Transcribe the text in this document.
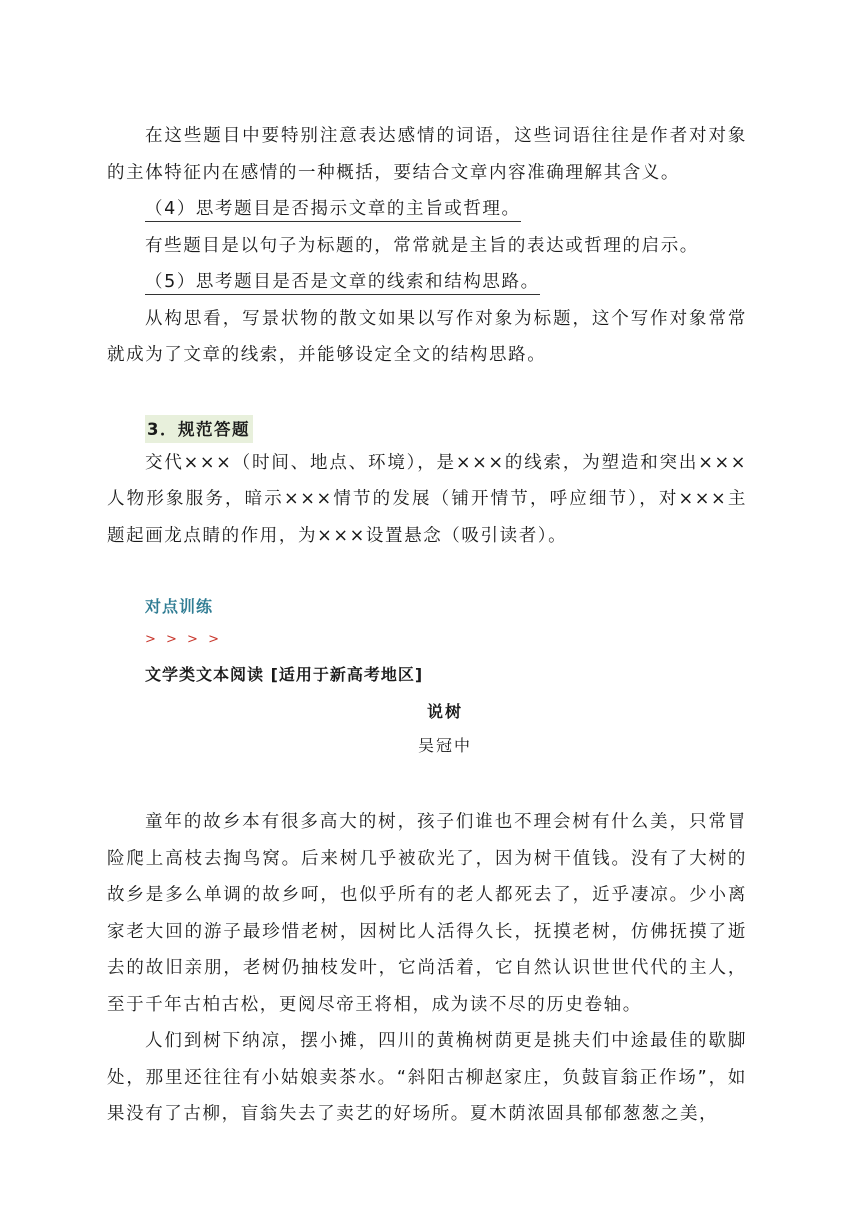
在这些题目中要特别注意表达感情的词语，这些词语往往是作者对对象的主体特征内在感情的一种概括，要结合文章内容准确理解其含义。

（4）思考题目是否揭示文章的主旨或哲理。

有些题目是以句子为标题的，常常就是主旨的表达或哲理的启示。

（5）思考题目是否是文章的线索和结构思路。

从构思看，写景状物的散文如果以写作对象为标题，这个写作对象常常就成为了文章的线索，并能够设定全文的结构思路。

3．规范答题

交代×××（时间、地点、环境），是×××的线索，为塑造和突出×××人物形象服务，暗示×××情节的发展（铺开情节，呼应细节），对×××主题起画龙点睛的作用，为×××设置悬念（吸引读者）。

对点训练
> > > >
文学类文本阅读 [适用于新高考地区]
说树
吴冠中

童年的故乡本有很多高大的树，孩子们谁也不理会树有什么美，只常冒险爬上高枝去掏鸟窝。后来树几乎被砍光了，因为树干值钱。没有了大树的故乡是多么单调的故乡呵，也似乎所有的老人都死去了，近乎凄凉。少小离家老大回的游子最珍惜老树，因树比人活得久长，抚摸老树，仿佛抚摸了逝去的故旧亲朋，老树仍抽枝发叶，它尚活着，它自然认识世世代代的主人，至于千年古柏古松，更阅尽帝王将相，成为读不尽的历史卷轴。

人们到树下纳凉，摆小摊，四川的黄桷树荫更是挑夫们中途最佳的歇脚处，那里还往往有小姑娘卖茶水。“斜阳古柳赵家庄，负鼓盲翁正作场”，如果没有了古柳，盲翁失去了卖艺的好场所。夏木荫浓固具郁郁葱葱之美，
